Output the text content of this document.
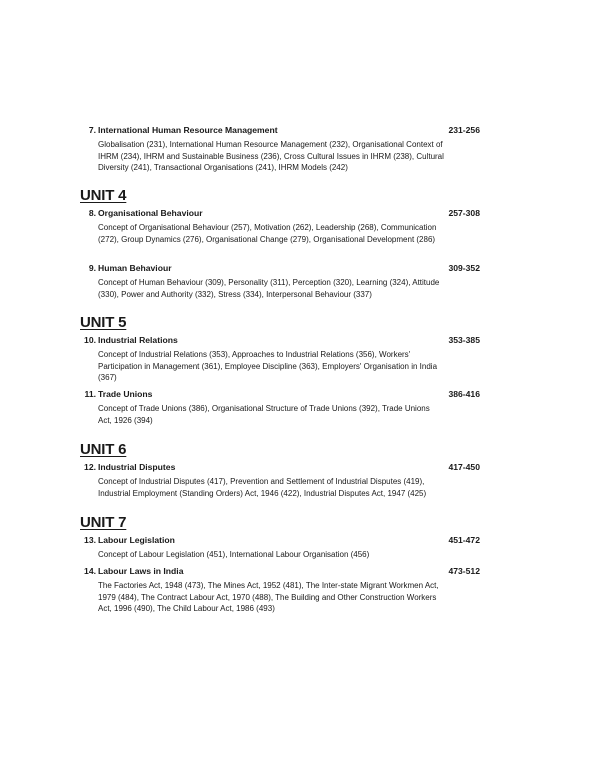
7. International Human Resource Management	231-256
Globalisation (231), International Human Resource Management (232), Organisational Context of IHRM (234), IHRM and Sustainable Business (236), Cross Cultural Issues in IHRM (238), Cultural Diversity (241), Transactional Organisations (241), IHRM Models (242)
UNIT 4
8. Organisational Behaviour	257-308
Concept of Organisational Behaviour (257), Motivation (262), Leadership (268), Communication (272), Group Dynamics (276), Organisational Change (279), Organisational Development (286)
9. Human Behaviour	309-352
Concept of Human Behaviour (309), Personality (311), Perception (320), Learning (324), Attitude (330), Power and Authority (332), Stress (334), Interpersonal Behaviour (337)
UNIT 5
10. Industrial Relations	353-385
Concept of Industrial Relations (353), Approaches to Industrial Relations (356), Workers' Participation in Management (361), Employee Discipline (363), Employers' Organisation in India (367)
11. Trade Unions	386-416
Concept of Trade Unions (386), Organisational Structure of Trade Unions (392), Trade Unions Act, 1926 (394)
UNIT 6
12. Industrial Disputes	417-450
Concept of Industrial Disputes (417), Prevention and Settlement of Industrial Disputes (419), Industrial Employment (Standing Orders) Act, 1946 (422), Industrial Disputes Act, 1947 (425)
UNIT 7
13. Labour Legislation	451-472
Concept of Labour Legislation (451), International Labour Organisation (456)
14. Labour Laws in India	473-512
The Factories Act, 1948 (473), The Mines Act, 1952 (481), The Inter-state Migrant Workmen Act, 1979 (484), The Contract Labour Act, 1970 (488), The Building and Other Construction Workers Act, 1996 (490), The Child Labour Act, 1986 (493)
